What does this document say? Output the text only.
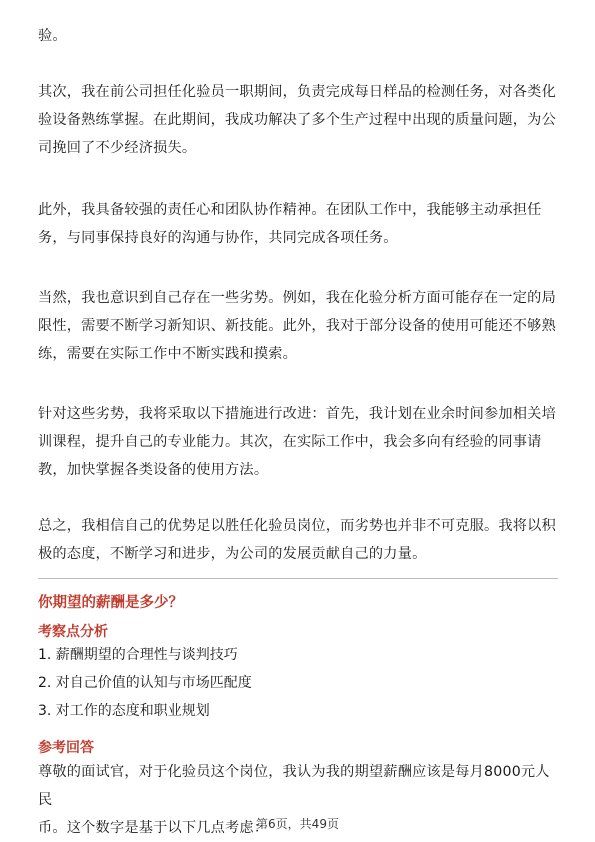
验。

其次，我在前公司担任化验员一职期间，负责完成每日样品的检测任务，对各类化
验设备熟练掌握。在此期间，我成功解决了多个生产过程中出现的质量问题，为公
司挽回了不少经济损失。

此外，我具备较强的责任心和团队协作精神。在团队工作中，我能够主动承担任
务，与同事保持良好的沟通与协作，共同完成各项任务。

当然，我也意识到自己存在一些劣势。例如，我在化验分析方面可能存在一定的局
限性，需要不断学习新知识、新技能。此外，我对于部分设备的使用可能还不够熟
练，需要在实际工作中不断实践和摸索。

针对这些劣势，我将采取以下措施进行改进：首先，我计划在业余时间参加相关培
训课程，提升自己的专业能力。其次，在实际工作中，我会多向有经验的同事请
教，加快掌握各类设备的使用方法。

总之，我相信自己的优势足以胜任化验员岗位，而劣势也并非不可克服。我将以积
极的态度，不断学习和进步，为公司的发展贡献自己的力量。

你期望的薪酬是多少？
考察点分析
1. 薪酬期望的合理性与谈判技巧
2. 对自己价值的认知与市场匹配度
3. 对工作的态度和职业规划
参考回答

尊敬的面试官，对于化验员这个岗位，我认为我的期望薪酬应该是每月8000元人民
币。这个数字是基于以下几点考虑：

第6页，共49页
